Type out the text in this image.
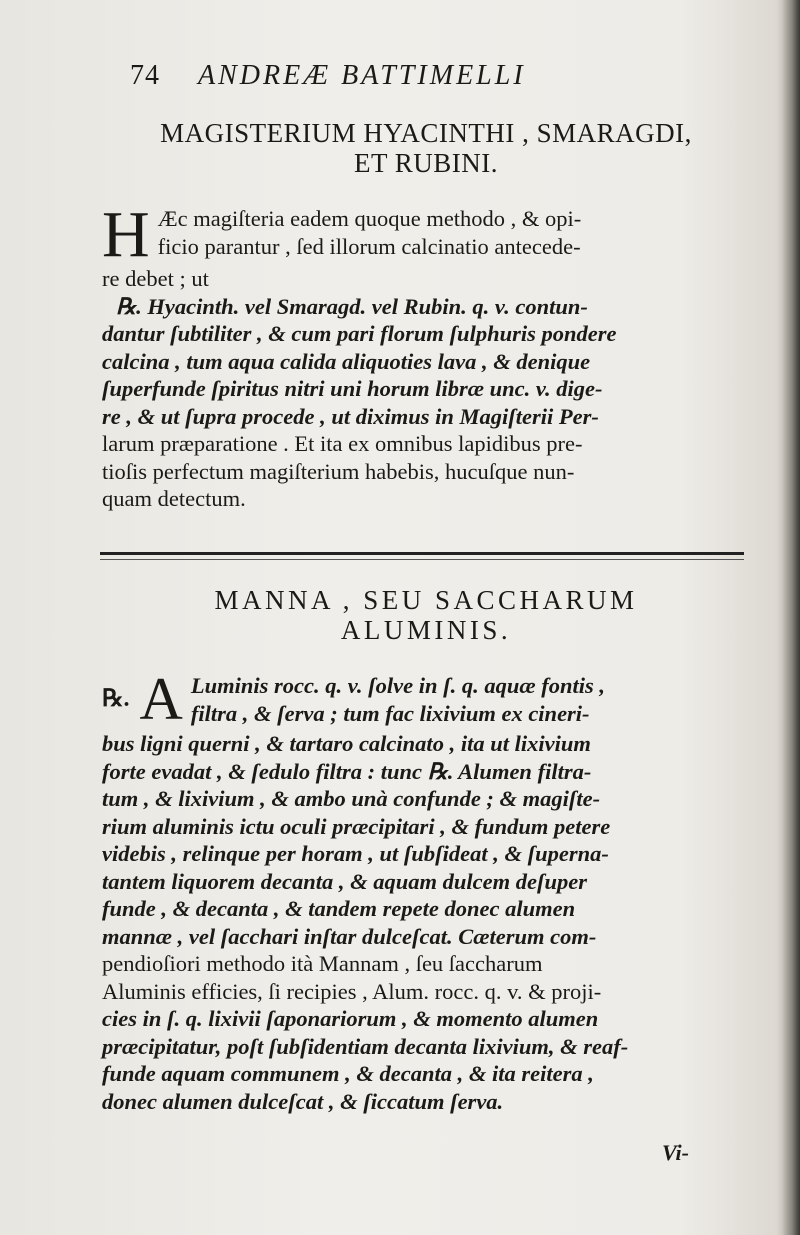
74 ANDREÆ BATTIMELLI
MAGISTERIUM HYACINTHI , SMARAGDI,
ET RUBINI.
H Æc magiſteria eadem quoque methodo , & opi-
ficio parantur , ſed illorum calcinatio antecede-
re debet ; ut
℞. Hyacinth. vel Smaragd. vel Rubin. q. v. contun-
dantur ſubtiliter , & cum pari florum ſulphuris pondere
calcina , tum aqua calida aliquoties lava , & denique
ſuperfunde ſpiritus nitri uni horum libræ unc. v. dige-
re , & ut ſupra procede , ut diximus in Magiſterii Per-
larum præparatione . Et ita ex omnibus lapidibus pre-
tioſis perfectum magiſterium habebis, hucuſque nun-
quam detectum.
MANNA , SEU SACCHARUM
ALUMINIS.
℞. A Luminis rocc. q. v. ſolve in ſ. q. aquæ fontis ,
filtra , & ſerva ; tum fac lixivium ex cineri-
bus ligni querni , & tartaro calcinato , ita ut lixivium
forte evadat , & ſedulo filtra : tunc ℞. Alumen filtra-
tum , & lixivium , & ambo unà confunde ; & magiſte-
rium aluminis ictu oculi præcipitari , & fundum petere
videbis , relinque per horam , ut ſubſideat , & ſuperna-
tantem liquorem decanta , & aquam dulcem deſuper
funde , & decanta , & tandem repete donec alumen
mannæ , vel ſacchari inſtar dulceſcat. Cæterum com-
pendioſiori methodo ità Mannam , ſeu ſaccharum
Aluminis efficies, ſi recipies , Alum. rocc. q. v. & proji-
cies in ſ. q. lixivii ſaponariorum , & momento alumen
præcipitatur, poſt ſubſidentiam decanta lixivium, & reaf-
funde aquam communem , & decanta , & ita reitera ,
donec alumen dulceſcat , & ſiccatum ſerva.
Vi-
